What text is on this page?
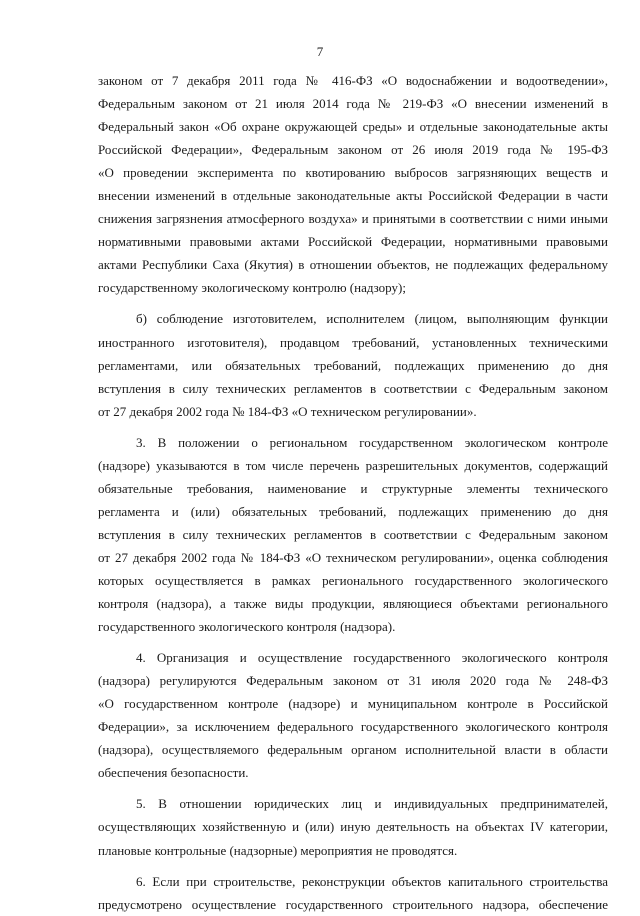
7
законом от 7 декабря 2011 года № 416-ФЗ «О водоснабжении и водоотведении»,
Федеральным законом от 21 июля 2014 года № 219-ФЗ «О внесении изменений в
Федеральный закон «Об охране окружающей среды» и отдельные законодательные акты
Российской Федерации», Федеральным законом от 26 июля 2019 года № 195-ФЗ
«О проведении эксперимента по квотированию выбросов загрязняющих веществ и
внесении изменений в отдельные законодательные акты Российской Федерации в части
снижения загрязнения атмосферного воздуха» и принятыми в соответствии с ними иными
нормативными правовыми актами Российской Федерации, нормативными правовыми
актами Республики Саха (Якутия) в отношении объектов, не подлежащих федеральному
государственному экологическому контролю (надзору);
б) соблюдение изготовителем, исполнителем (лицом, выполняющим функции
иностранного изготовителя), продавцом требований, установленных техническими
регламентами, или обязательных требований, подлежащих применению до дня
вступления в силу технических регламентов в соответствии с Федеральным законом
от 27 декабря 2002 года № 184-ФЗ «О техническом регулировании».
3. В положении о региональном государственном экологическом контроле
(надзоре) указываются в том числе перечень разрешительных документов, содержащий
обязательные требования, наименование и структурные элементы технического
регламента и (или) обязательных требований, подлежащих применению до дня
вступления в силу технических регламентов в соответствии с Федеральным законом
от 27 декабря 2002 года № 184-ФЗ «О техническом регулировании», оценка соблюдения
которых осуществляется в рамках регионального государственного экологического
контроля (надзора), а также виды продукции, являющиеся объектами регионального
государственного экологического контроля (надзора).
4. Организация и осуществление государственного экологического контроля
(надзора) регулируются Федеральным законом от 31 июля 2020 года № 248-ФЗ
«О государственном контроле (надзоре) и муниципальном контроле в Российской
Федерации», за исключением федерального государственного экологического контроля
(надзора), осуществляемого федеральным органом исполнительной власти в области
обеспечения безопасности.
5. В отношении юридических лиц и индивидуальных предпринимателей,
осуществляющих хозяйственную и (или) иную деятельность на объектах IV категории,
плановые контрольные (надзорные) мероприятия не проводятся.
6. Если при строительстве, реконструкции объектов капитального строительства
предусмотрено осуществление государственного строительного надзора, обеспечение
